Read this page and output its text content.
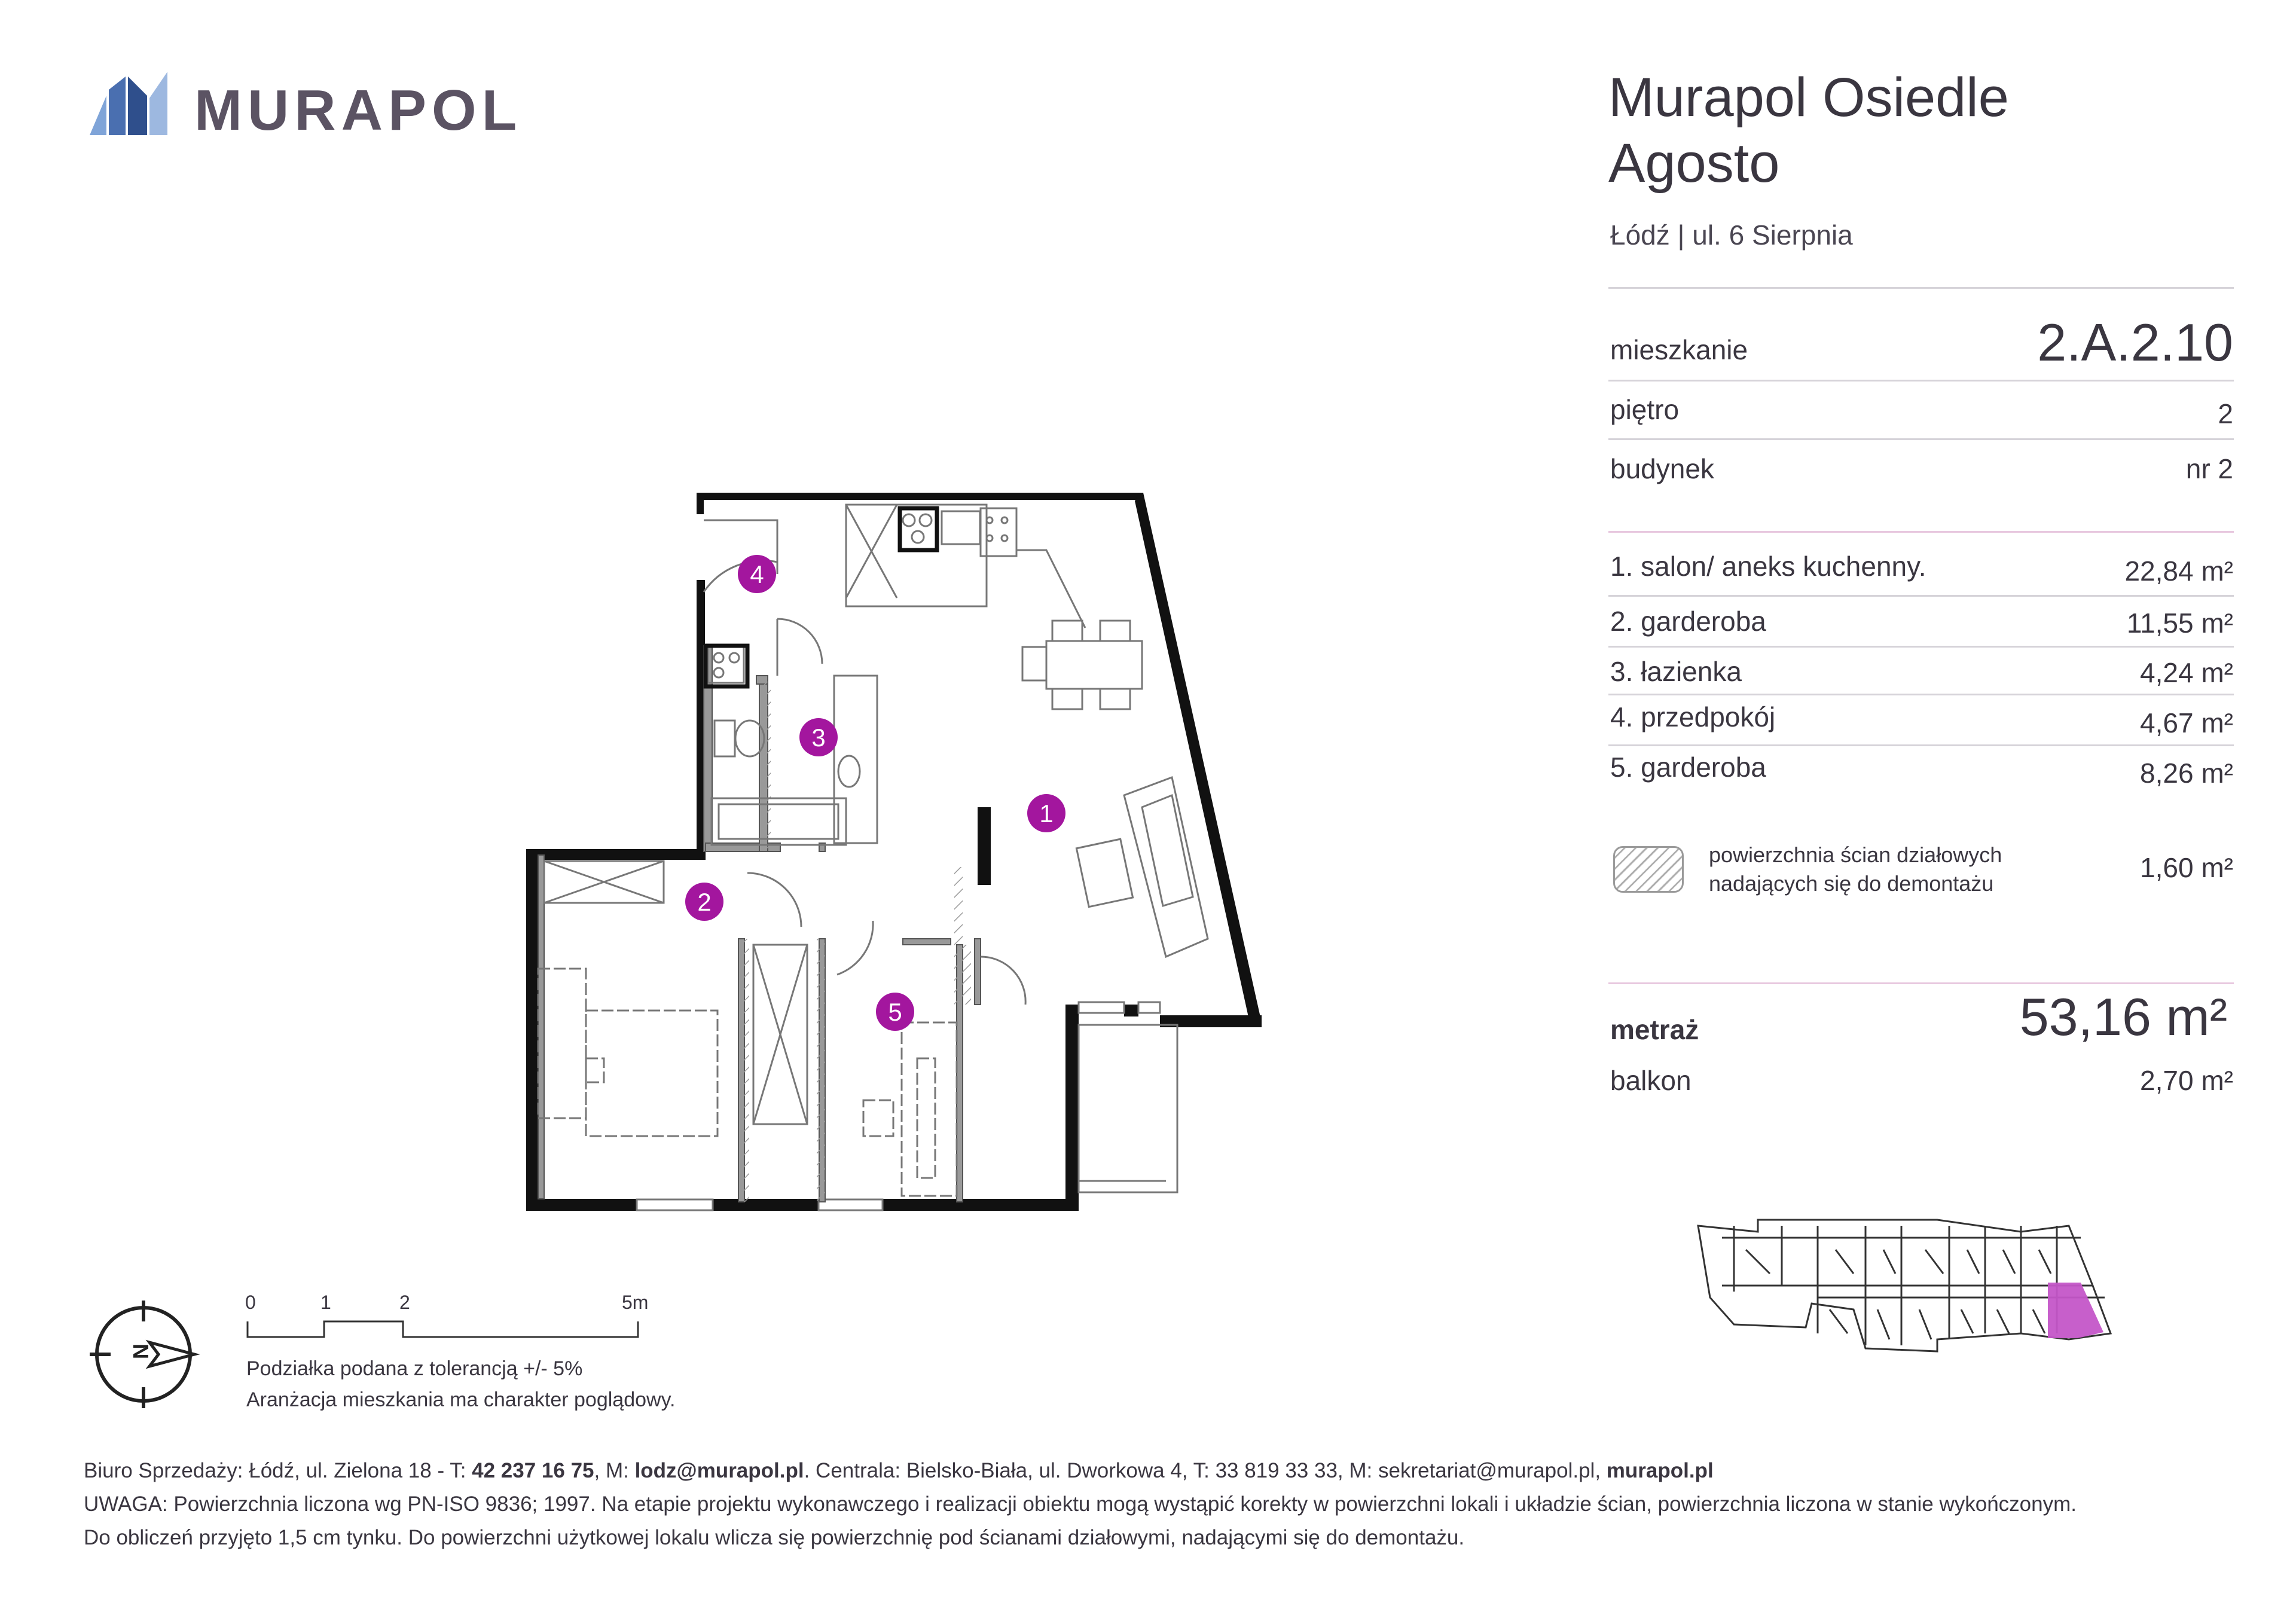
MURAPOL	Murapol Osiedle
Agosto
Łódź | ul. 6 Sierpnia
mieszkanie	2.A.2.10
piętro	2
budynek	nr 2
1. salon/ aneks kuchenny.	22,84 m²
2. garderoba	11,55 m²
3. łazienka	4,24 m²
4. przedpokój	4,67 m²
5. garderoba	8,26 m²
powierzchnia ścian działowych
nadających się do demontażu
1,60 m²
metraż	53,16 m²
balkon	2,70 m²
1
2
3
4
5
N
0	1	2	5m
Podziałka podana z tolerancją +/- 5%
Aranżacja mieszkania ma charakter poglądowy.
Biuro Sprzedaży: Łódź, ul. Zielona 18 - T: 42 237 16 75, M: lodz@murapol.pl. Centrala: Bielsko-Biała, ul. Dworkowa 4, T: 33 819 33 33, M: sekretariat@murapol.pl, murapol.pl
UWAGA: Powierzchnia liczona wg PN-ISO 9836; 1997. Na etapie projektu wykonawczego i realizacji obiektu mogą wystąpić korekty w powierzchni lokali i układzie ścian, powierzchnia liczona w stanie wykończonym.
Do obliczeń przyjęto 1,5 cm tynku. Do powierzchni użytkowej lokalu wlicza się powierzchnię pod ścianami działowymi, nadającymi się do demontażu.
